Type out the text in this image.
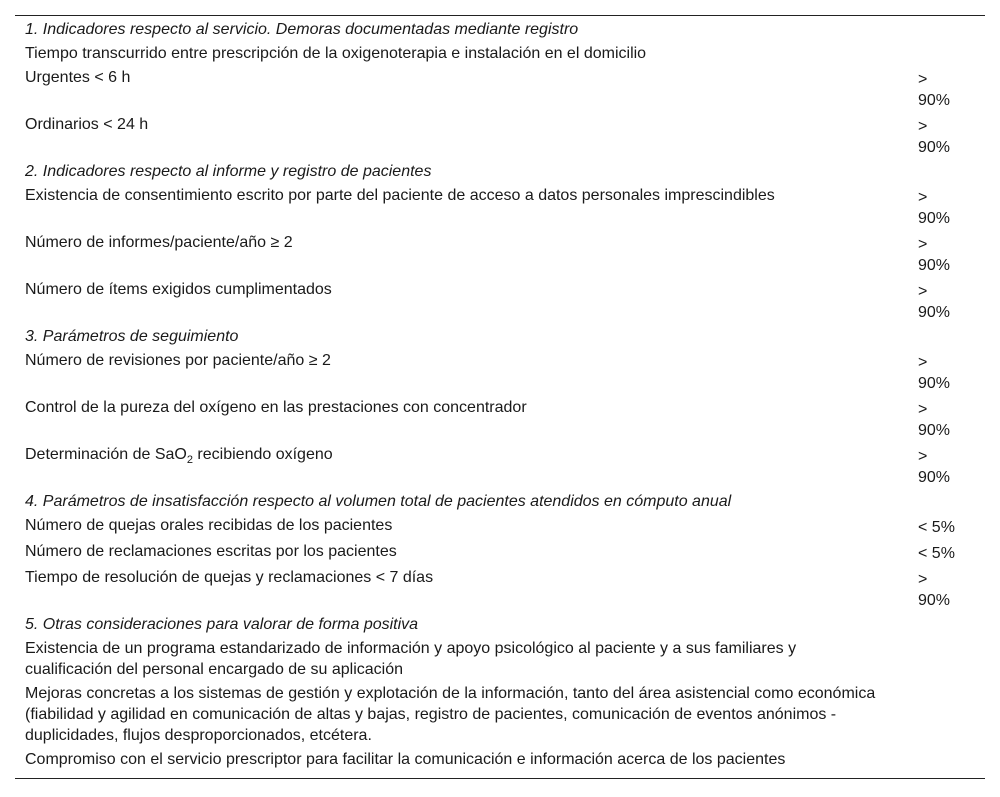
1. Indicadores respecto al servicio. Demoras documentadas mediante registro
Tiempo transcurrido entre prescripción de la oxigenoterapia e instalación en el domicilio
Urgentes < 6 h	> 90%
Ordinarios < 24 h	> 90%
2. Indicadores respecto al informe y registro de pacientes
Existencia de consentimiento escrito por parte del paciente de acceso a datos personales imprescindibles	> 90%
Número de informes/paciente/año ≥ 2	> 90%
Número de ítems exigidos cumplimentados	> 90%
3. Parámetros de seguimiento
Número de revisiones por paciente/año ≥ 2	> 90%
Control de la pureza del oxígeno en las prestaciones con concentrador	> 90%
Determinación de SaO$_2$ recibiendo oxígeno	> 90%
4. Parámetros de insatisfacción respecto al volumen total de pacientes atendidos en cómputo anual
Número de quejas orales recibidas de los pacientes	< 5%
Número de reclamaciones escritas por los pacientes	< 5%
Tiempo de resolución de quejas y reclamaciones < 7 días	> 90%
5. Otras consideraciones para valorar de forma positiva
Existencia de un programa estandarizado de información y apoyo psicológico al paciente y a sus familiares y cualificación del personal encargado de su aplicación
Mejoras concretas a los sistemas de gestión y explotación de la información, tanto del área asistencial como económica (fiabilidad y agilidad en comunicación de altas y bajas, registro de pacientes, comunicación de eventos anónimos - duplicidades, flujos desproporcionados, etcétera.
Compromiso con el servicio prescriptor para facilitar la comunicación e información acerca de los pacientes
